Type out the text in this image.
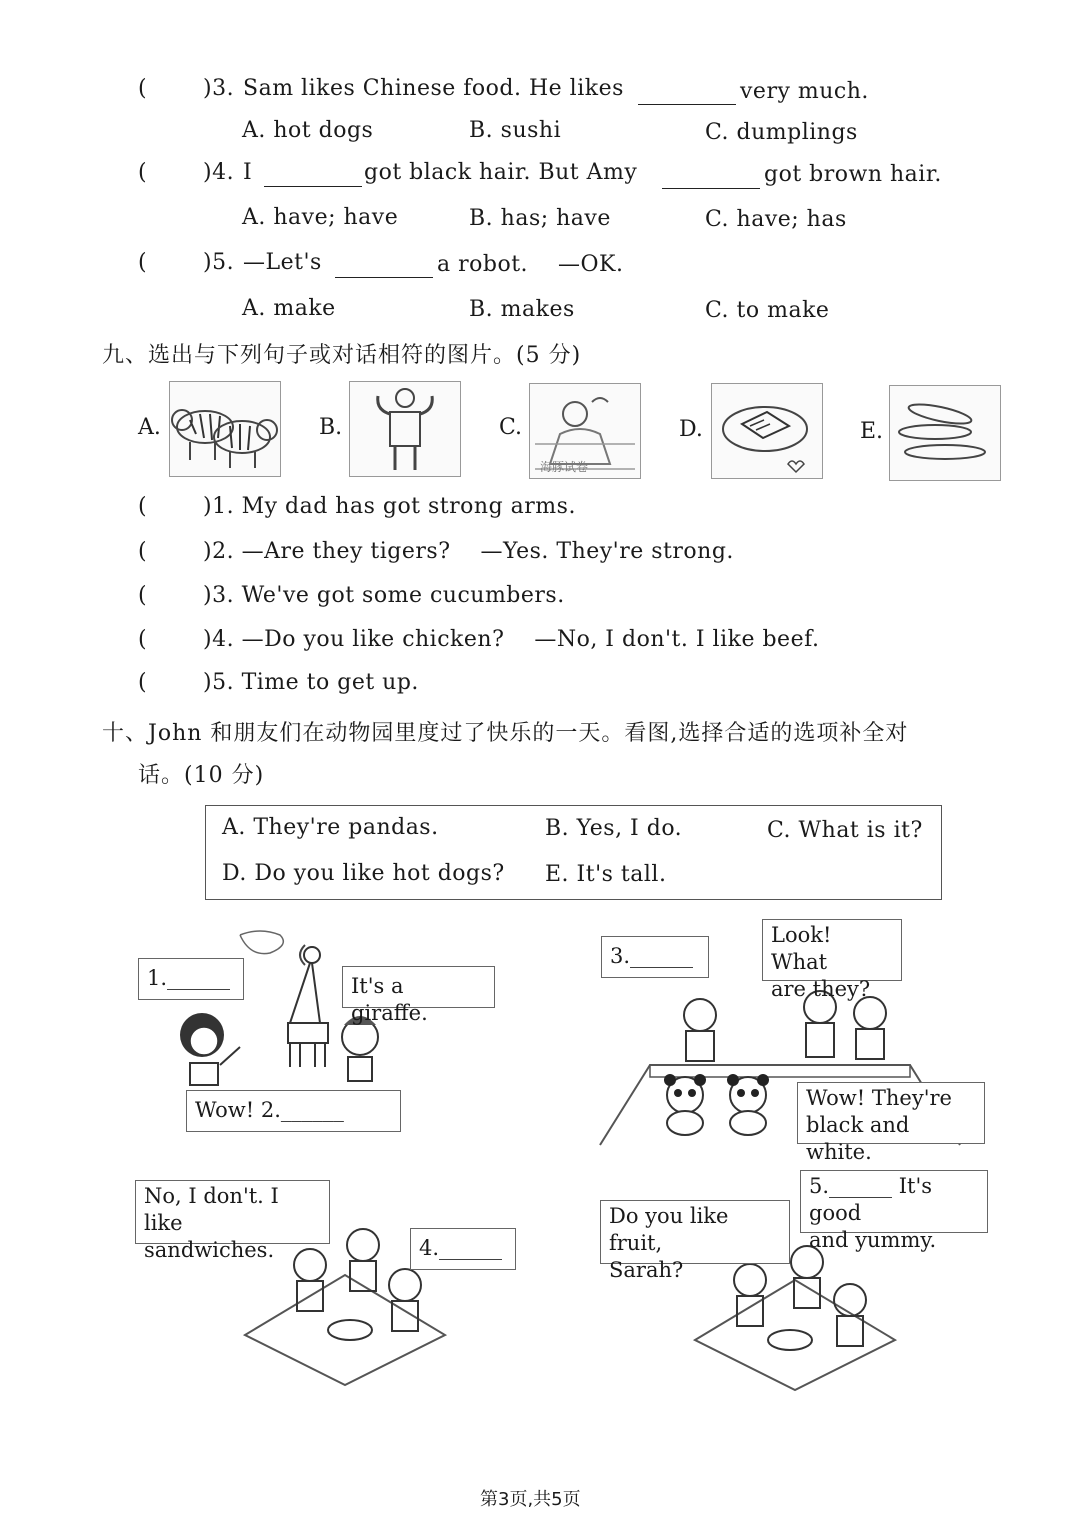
(	)3. Sam likes Chinese food. He likes	very much.
A. hot dogs	B. sushi	C. dumplings
(	)4. I	got black hair. But Amy	got brown hair.
A. have; have	B. has; have	C. have; has
(	)5. —Let's	a robot. —OK.
A. make	B. makes	C. to make
九、选出与下列句子或对话相符的图片。(5 分)
A.	B.	C.
海豚试卷
D.	E.
(	)1. My dad has got strong arms.
(	)2. —Are they tigers?    —Yes. They're strong.
(	)3. We've got some cucumbers.
(	)4. —Do you like chicken?    —No, I don't. I like beef.
(	)5. Time to get up.
十、John 和朋友们在动物园里度过了快乐的一天。看图,选择合适的选项补全对
话。(10 分)
A. They're pandas.	B. Yes, I do.	C. What is it?
D. Do you like hot dogs? E. It's tall.
1.______	It's a giraffe.
Wow! 2.______
3.______
Look! What
are they?
Wow! They're
black and white.
No, I don't. I like
sandwiches.	4.______
Do you like fruit,
Sarah?
5.______ It's good
and yummy.
第3页,共5页
